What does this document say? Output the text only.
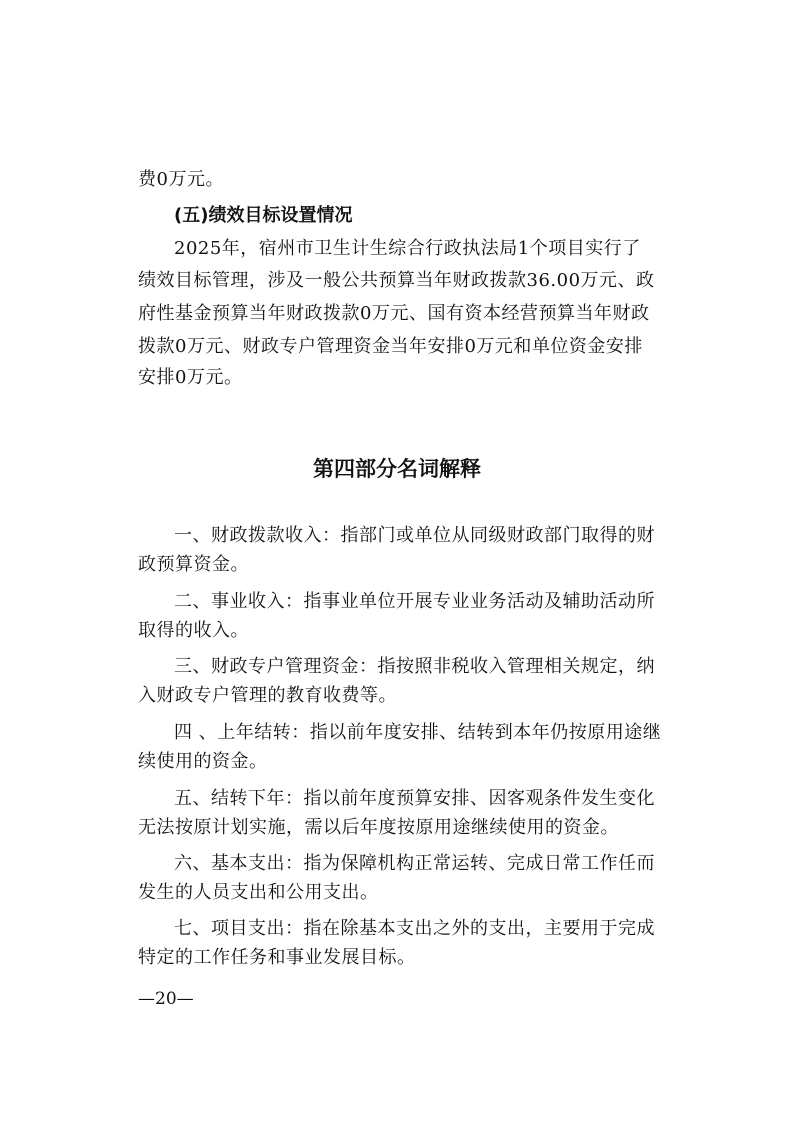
费0万元。
(五)绩效目标设置情况
2025年，宿州市卫生计生综合行政执法局1个项目实行了
绩效目标管理，涉及一般公共预算当年财政拨款36.00万元、政
府性基金预算当年财政拨款0万元、国有资本经营预算当年财政
拨款0万元、财政专户管理资金当年安排0万元和单位资金安排
安排0万元。
第四部分名词解释
一、财政拨款收入：指部门或单位从同级财政部门取得的财
政预算资金。
二、事业收入：指事业单位开展专业业务活动及辅助活动所
取得的收入。
三、财政专户管理资金：指按照非税收入管理相关规定，纳
入财政专户管理的教育收费等。
四 、上年结转：指以前年度安排、结转到本年仍按原用途继
续使用的资金。
五、结转下年：指以前年度预算安排、因客观条件发生变化
无法按原计划实施，需以后年度按原用途继续使用的资金。
六、基本支出：指为保障机构正常运转、完成日常工作任而
发生的人员支出和公用支出。
七、项目支出：指在除基本支出之外的支出，主要用于完成
特定的工作任务和事业发展目标。
—20—
